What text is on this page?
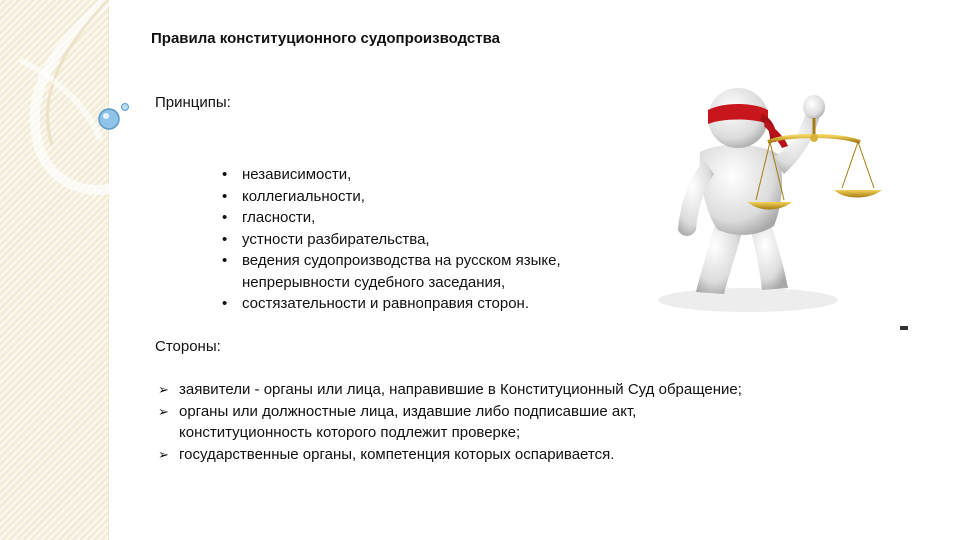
Правила конституционного судопроизводства
Принципы:
• независимости,
• коллегиальности,
• гласности,
• устности разбирательства,
• ведения судопроизводства на русском языке,
непрерывности судебного заседания,
• состязательности и равноправия сторон.
Стороны:
➢ заявители - органы или лица, направившие в Конституционный Суд обращение;
➢ органы или должностные лица, издавшие либо подписавшие акт,
конституционность которого подлежит проверке;
➢ государственные органы, компетенция которых оспаривается.
